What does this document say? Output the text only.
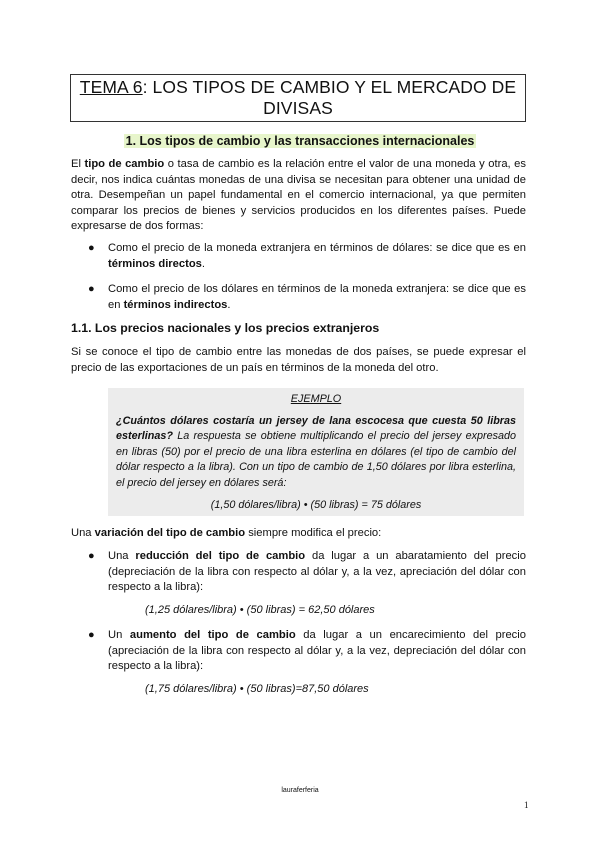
TEMA 6: LOS TIPOS DE CAMBIO Y EL MERCADO DE
DIVISAS
1. Los tipos de cambio y las transacciones internacionales
El tipo de cambio o tasa de cambio es la relación entre el valor de una moneda y otra, es decir, nos indica cuántas monedas de una divisa se necesitan para obtener una unidad de otra. Desempeñan un papel fundamental en el comercio internacional, ya que permiten comparar los precios de bienes y servicios producidos en los diferentes países. Puede expresarse de dos formas:
● Como el precio de la moneda extranjera en términos de dólares: se dice que es en términos directos.
● Como el precio de los dólares en términos de la moneda extranjera: se dice que es en términos indirectos.
1.1. Los precios nacionales y los precios extranjeros
Si se conoce el tipo de cambio entre las monedas de dos países, se puede expresar el precio de las exportaciones de un país en términos de la moneda del otro.
EJEMPLO
¿Cuántos dólares costaría un jersey de lana escocesa que cuesta 50 libras esterlinas? La respuesta se obtiene multiplicando el precio del jersey expresado en libras (50) por el precio de una libra esterlina en dólares (el tipo de cambio del dólar respecto a la libra). Con un tipo de cambio de 1,50 dólares por libra esterlina, el precio del jersey en dólares será:
(1,50 dólares/libra) • (50 libras) = 75 dólares
Una variación del tipo de cambio siempre modifica el precio:
● Una reducción del tipo de cambio da lugar a un abaratamiento del precio (depreciación de la libra con respecto al dólar y, a la vez, apreciación del dólar con respecto a la libra):
(1,25 dólares/libra) • (50 libras) = 62,50 dólares
● Un aumento del tipo de cambio da lugar a un encarecimiento del precio (apreciación de la libra con respecto al dólar y, a la vez, depreciación del dólar con respecto a la libra):
(1,75 dólares/libra) • (50 libras)=87,50 dólares
lauraferferia
1
